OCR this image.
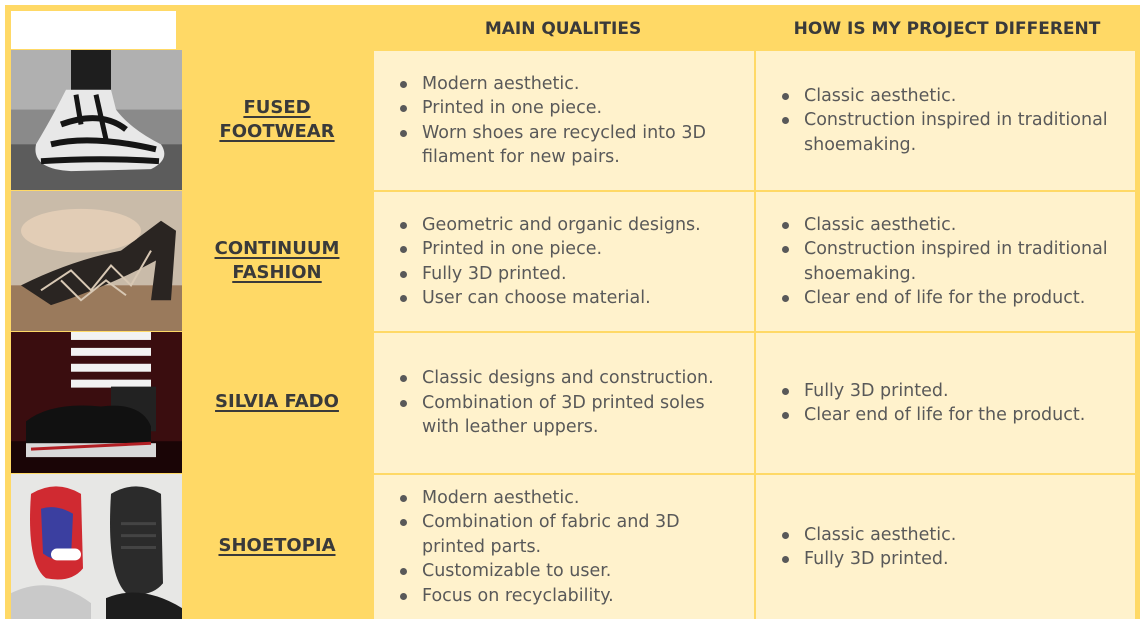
MAIN QUALITIES	HOW IS MY PROJECT DIFFERENT
FUSED
FOOTWEAR
Modern aesthetic.
Printed in one piece.
Worn shoes are recycled into 3D filament for new pairs.
Classic aesthetic.
Construction inspired in traditional shoemaking.
CONTINUUM
FASHION
Geometric and organic designs.
Printed in one piece.
Fully 3D printed.
User can choose material.
Classic aesthetic.
Construction inspired in traditional shoemaking.
Clear end of life for the product.
SILVIA FADO
Classic designs and construction.
Combination of 3D printed soles with leather uppers.
Fully 3D printed.
Clear end of life for the product.
SHOETOPIA
Modern aesthetic.
Combination of fabric and 3D printed parts.
Customizable to user.
Focus on recyclability.
Classic aesthetic.
Fully 3D printed.
